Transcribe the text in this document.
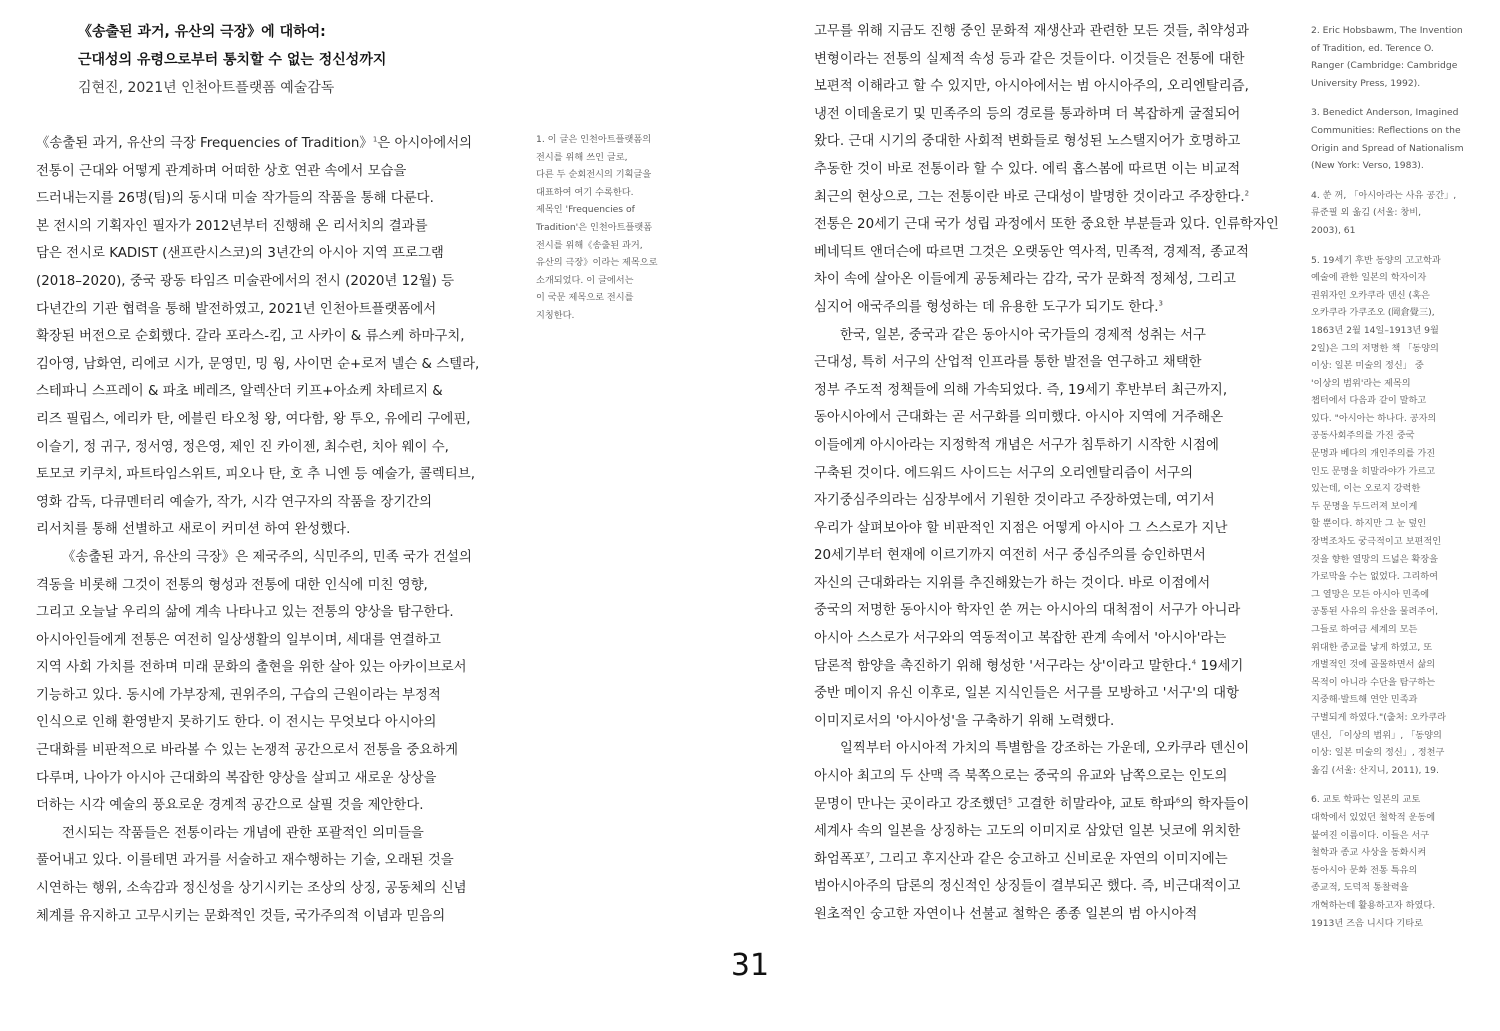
《송출된 과거, 유산의 극장》에 대하여:
근대성의 유령으로부터 통치할 수 없는 정신성까지
김현진, 2021년 인천아트플랫폼 예술감독

《송출된 과거, 유산의 극장 Frequencies of Tradition》$^1$은 아시아에서의

전통이 근대와 어떻게 관계하며 어떠한 상호 연관 속에서 모습을

드러내는지를 26명(팀)의 동시대 미술 작가들의 작품을 통해 다룬다.

본 전시의 기획자인 필자가 2012년부터 진행해 온 리서치의 결과를

담은 전시로 KADIST (샌프란시스코)의 3년간의 아시아 지역 프로그램

(2018–2020), 중국 광동 타임즈 미술관에서의 전시 (2020년 12월) 등

다년간의 기관 협력을 통해 발전하였고, 2021년 인천아트플랫폼에서

확장된 버전으로 순회했다. 갈라 포라스-킴, 고 사카이 & 류스케 하마구치,

김아영, 남화연, 리에코 시가, 문영민, 밍 웡, 사이먼 순+로저 넬슨 & 스텔라,

스테파니 스프레이 & 파초 베레즈, 알렉산더 키프+아쇼케 차테르지 &

리즈 필립스, 에리카 탄, 에블린 타오청 왕, 여다함, 왕 투오, 유에리 구에핀,

이슬기, 정 귀구, 정서영, 정은영, 제인 진 카이젠, 최수련, 치아 웨이 수,

토모코 키쿠치, 파트타임스위트, 피오나 탄, 호 추 니엔 등 예술가, 콜렉티브,

영화 감독, 다큐멘터리 예술가, 작가, 시각 연구자의 작품을 장기간의

리서치를 통해 선별하고 새로이 커미션 하여 완성했다.

《송출된 과거, 유산의 극장》은 제국주의, 식민주의, 민족 국가 건설의

격동을 비롯해 그것이 전통의 형성과 전통에 대한 인식에 미친 영향,

그리고 오늘날 우리의 삶에 계속 나타나고 있는 전통의 양상을 탐구한다.

아시아인들에게 전통은 여전히 일상생활의 일부이며, 세대를 연결하고

지역 사회 가치를 전하며 미래 문화의 출현을 위한 살아 있는 아카이브로서

기능하고 있다. 동시에 가부장제, 권위주의, 구습의 근원이라는 부정적

인식으로 인해 환영받지 못하기도 한다. 이 전시는 무엇보다 아시아의

근대화를 비판적으로 바라볼 수 있는 논쟁적 공간으로서 전통을 중요하게

다루며, 나아가 아시아 근대화의 복잡한 양상을 살피고 새로운 상상을

더하는 시각 예술의 풍요로운 경계적 공간으로 살필 것을 제안한다.

전시되는 작품들은 전통이라는 개념에 관한 포괄적인 의미들을

풀어내고 있다. 이를테면 과거를 서술하고 재수행하는 기술, 오래된 것을

시연하는 행위, 소속감과 정신성을 상기시키는 조상의 상징, 공동체의 신념

체계를 유지하고 고무시키는 문화적인 것들, 국가주의적 이념과 믿음의

1. 이 글은 인천아트플랫폼의

전시를 위해 쓰인 글로,

다른 두 순회전시의 기획글을

대표하여 여기 수록한다.

제목인 'Frequencies of

Tradition'은 인천아트플랫폼

전시를 위해《송출된 과거,

유산의 극장》이라는 제목으로

소개되었다. 이 글에서는

이 국문 제목으로 전시를

지칭한다.

고무를 위해 지금도 진행 중인 문화적 재생산과 관련한 모든 것들, 취약성과

변형이라는 전통의 실제적 속성 등과 같은 것들이다. 이것들은 전통에 대한

보편적 이해라고 할 수 있지만, 아시아에서는 범 아시아주의, 오리엔탈리즘,

냉전 이데올로기 및 민족주의 등의 경로를 통과하며 더 복잡하게 굴절되어

왔다. 근대 시기의 중대한 사회적 변화들로 형성된 노스탤지어가 호명하고

추동한 것이 바로 전통이라 할 수 있다. 에릭 홉스봄에 따르면 이는 비교적

최근의 현상으로, 그는 전통이란 바로 근대성이 발명한 것이라고 주장한다.$^2$

전통은 20세기 근대 국가 성립 과정에서 또한 중요한 부분들과 있다. 인류학자인

베네딕트 앤더슨에 따르면 그것은 오랫동안 역사적, 민족적, 경제적, 종교적

차이 속에 살아온 이들에게 공동체라는 감각, 국가 문화적 정체성, 그리고

심지어 애국주의를 형성하는 데 유용한 도구가 되기도 한다.$^3$

한국, 일본, 중국과 같은 동아시아 국가들의 경제적 성취는 서구

근대성, 특히 서구의 산업적 인프라를 통한 발전을 연구하고 채택한

정부 주도적 정책들에 의해 가속되었다. 즉, 19세기 후반부터 최근까지,

동아시아에서 근대화는 곧 서구화를 의미했다. 아시아 지역에 거주해온

이들에게 아시아라는 지정학적 개념은 서구가 침투하기 시작한 시점에

구축된 것이다. 에드워드 사이드는 서구의 오리엔탈리즘이 서구의

자기중심주의라는 심장부에서 기원한 것이라고 주장하였는데, 여기서

우리가 살펴보아야 할 비판적인 지점은 어떻게 아시아 그 스스로가 지난

20세기부터 현재에 이르기까지 여전히 서구 중심주의를 승인하면서

자신의 근대화라는 지위를 추진해왔는가 하는 것이다. 바로 이점에서

중국의 저명한 동아시아 학자인 쑨 꺼는 아시아의 대척점이 서구가 아니라

아시아 스스로가 서구와의 역동적이고 복잡한 관계 속에서 '아시아'라는

담론적 함양을 촉진하기 위해 형성한 '서구라는 상'이라고 말한다.$^4$ 19세기

중반 메이지 유신 이후로, 일본 지식인들은 서구를 모방하고 '서구'의 대항

이미지로서의 '아시아성'을 구축하기 위해 노력했다.

일찍부터 아시아적 가치의 특별함을 강조하는 가운데, 오카쿠라 덴신이

아시아 최고의 두 산맥 즉 북쪽으로는 중국의 유교와 남쪽으로는 인도의

문명이 만나는 곳이라고 강조했던$^5$ 고결한 히말라야, 교토 학파$^6$의 학자들이

세계사 속의 일본을 상징하는 고도의 이미지로 삼았던 일본 닛코에 위치한

화엄폭포$^7$, 그리고 후지산과 같은 숭고하고 신비로운 자연의 이미지에는

범아시아주의 담론의 정신적인 상징들이 결부되곤 했다. 즉, 비근대적이고

원초적인 숭고한 자연이나 선불교 철학은 종종 일본의 범 아시아적

2. Eric Hobsbawm, The Invention

of Tradition, ed. Terence O.

Ranger (Cambridge: Cambridge

University Press, 1992).

3. Benedict Anderson, Imagined

Communities: Reflections on the

Origin and Spread of Nationalism

(New York: Verso, 1983).

4. 쑨 꺼, 「아시아라는 사유 공간」,

류준필 외 옮김 (서울: 창비,

2003), 61

5. 19세기 후반 동양의 고고학과

예술에 관한 일본의 학자이자

권위자인 오카쿠라 덴신 (혹은

오카쿠라 가쿠조오 (岡倉覺三),

1863년 2월 14일–1913년 9월

2일)은 그의 저명한 책 「동양의

이상: 일본 미술의 정신」 중

'이상의 범위'라는 제목의

챕터에서 다음과 같이 말하고

있다. "아시아는 하나다. 공자의

공동사회주의를 가진 중국

문명과 베다의 개인주의를 가진

인도 문명을 히말라야가 가르고

있는데, 이는 오로지 강력한

두 문명을 두드러져 보이게

할 뿐이다. 하지만 그 눈 덮인

장벽조차도 궁극적이고 보편적인

것을 향한 열망의 드넓은 확장을

가로막을 수는 없었다. 그리하여

그 열망은 모든 아시아 민족에

공통된 사유의 유산을 물려주어,

그들로 하여금 세계의 모든

위대한 종교를 낳게 하였고, 또

개별적인 것에 골몰하면서 삶의

목적이 아니라 수단을 탐구하는

지중해·발트해 연안 민족과

구별되게 하였다."(출처: 오카쿠라

덴신, 「이상의 범위」, 「동양의

이상: 일본 미술의 정신」, 정천구

옮김 (서울: 산지니, 2011), 19.

6. 교토 학파는 일본의 교토

대학에서 있었던 철학적 운동에

붙여진 이름이다. 이들은 서구

철학과 종교 사상을 동화시켜

동아시아 문화 전통 특유의

종교적, 도덕적 통찰력을

개혁하는데 활용하고자 하였다.

1913년 즈음 니시다 기타로

31
